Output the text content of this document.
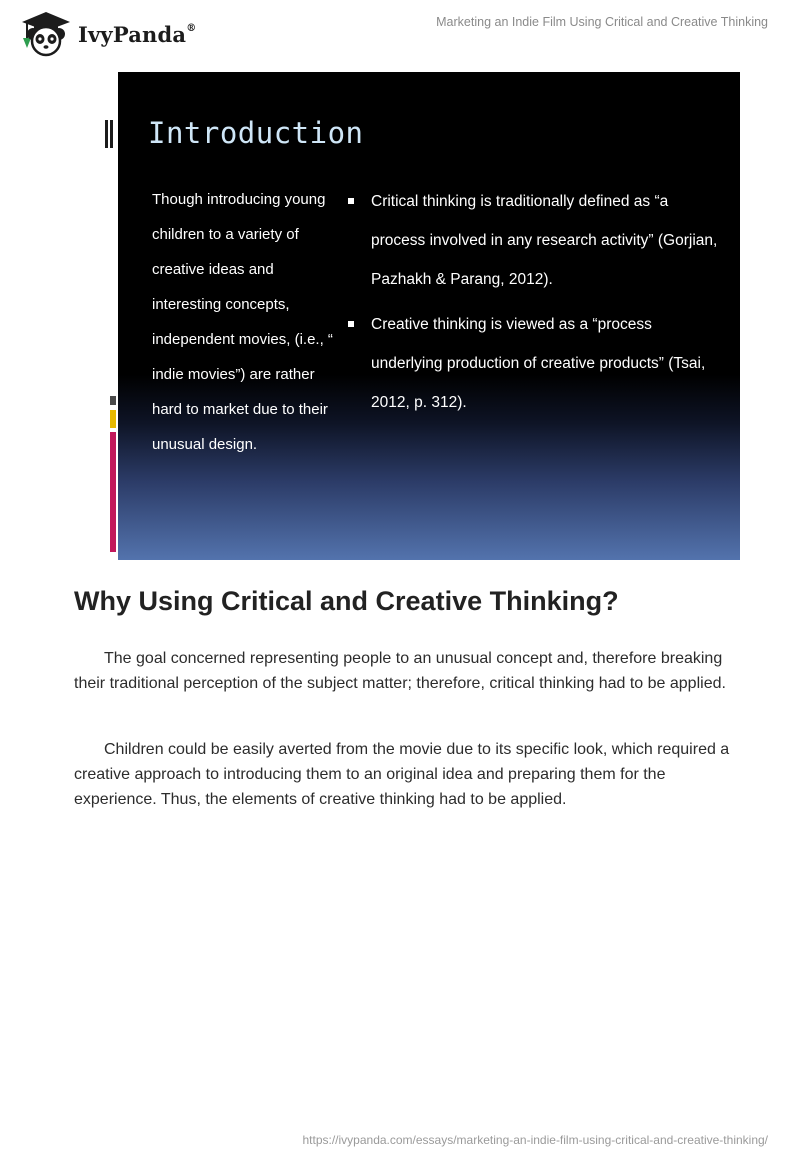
IvyPanda®	Marketing an Indie Film Using Critical and Creative Thinking
Introduction
Though introducing young children to a variety of creative ideas and interesting concepts, independent movies, (i.e., “ indie movies”) are rather hard to market due to their unusual design.
Critical thinking is traditionally defined as “a process involved in any research activity” (Gorjian, Pazhakh & Parang, 2012).
Creative thinking is viewed as a “process underlying production of creative products” (Tsai, 2012, p. 312).
Why Using Critical and Creative Thinking?

The goal concerned representing people to an unusual concept and, therefore breaking their traditional perception of the subject matter; therefore, critical thinking had to be applied.

Children could be easily averted from the movie due to its specific look, which required a creative approach to introducing them to an original idea and preparing them for the experience. Thus, the elements of creative thinking had to be applied.

https://ivypanda.com/essays/marketing-an-indie-film-using-critical-and-creative-thinking/
